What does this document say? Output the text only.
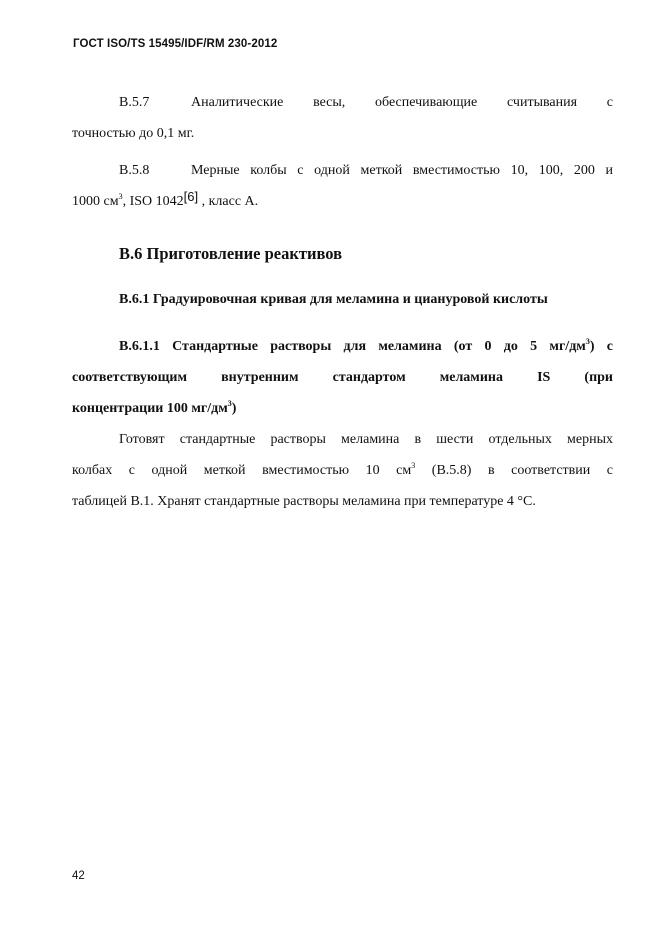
ГОСТ ISO/TS 15495/IDF/RM 230-2012
B.5.7	Аналитические весы, обеспечивающие считывания с
точностью до 0,1 мг.
B.5.8	Мерные колбы с одной меткой вместимостью 10, 100, 200 и
1000 $см^3$, ISO 1042[6] , класс А.
B.6 Приготовление реактивов
B.6.1 Градуировочная кривая для меламина и циануровой кислоты
B.6.1.1 Стандартные растворы для меламина (от 0 до 5 $мг/дм^3$) с
соответствующим внутренним стандартом меламина IS (при
концентрации 100 $мг/дм^3$)
Готовят стандартные растворы меламина в шести отдельных мерных
колбах с одной меткой вместимостью 10 $см^3$ (B.5.8) в соответствии с
таблицей B.1. Хранят стандартные растворы меламина при температуре 4 °С.
42
